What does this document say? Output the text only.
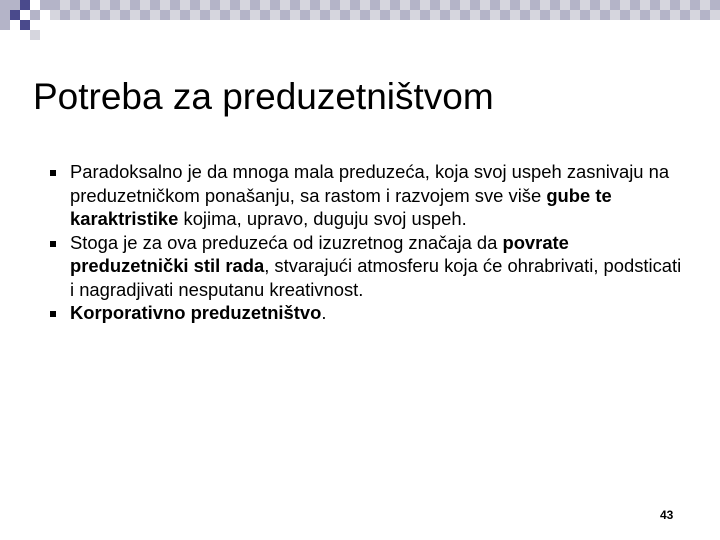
Potreba za preduzetništvom
Paradoksalno je da mnoga mala preduzeća, koja svoj uspeh zasnivaju na preduzetničkom ponašanju, sa rastom i razvojem sve više gube te karaktristike kojima, upravo, duguju svoj uspeh.
Stoga je za ova preduzeća od izuzretnog značaja da povrate preduzetnički stil rada, stvarajući atmosferu koja će ohrabrivati, podsticati i nagradjivati nesputanu kreativnost.
Korporativno preduzetništvo.
43
